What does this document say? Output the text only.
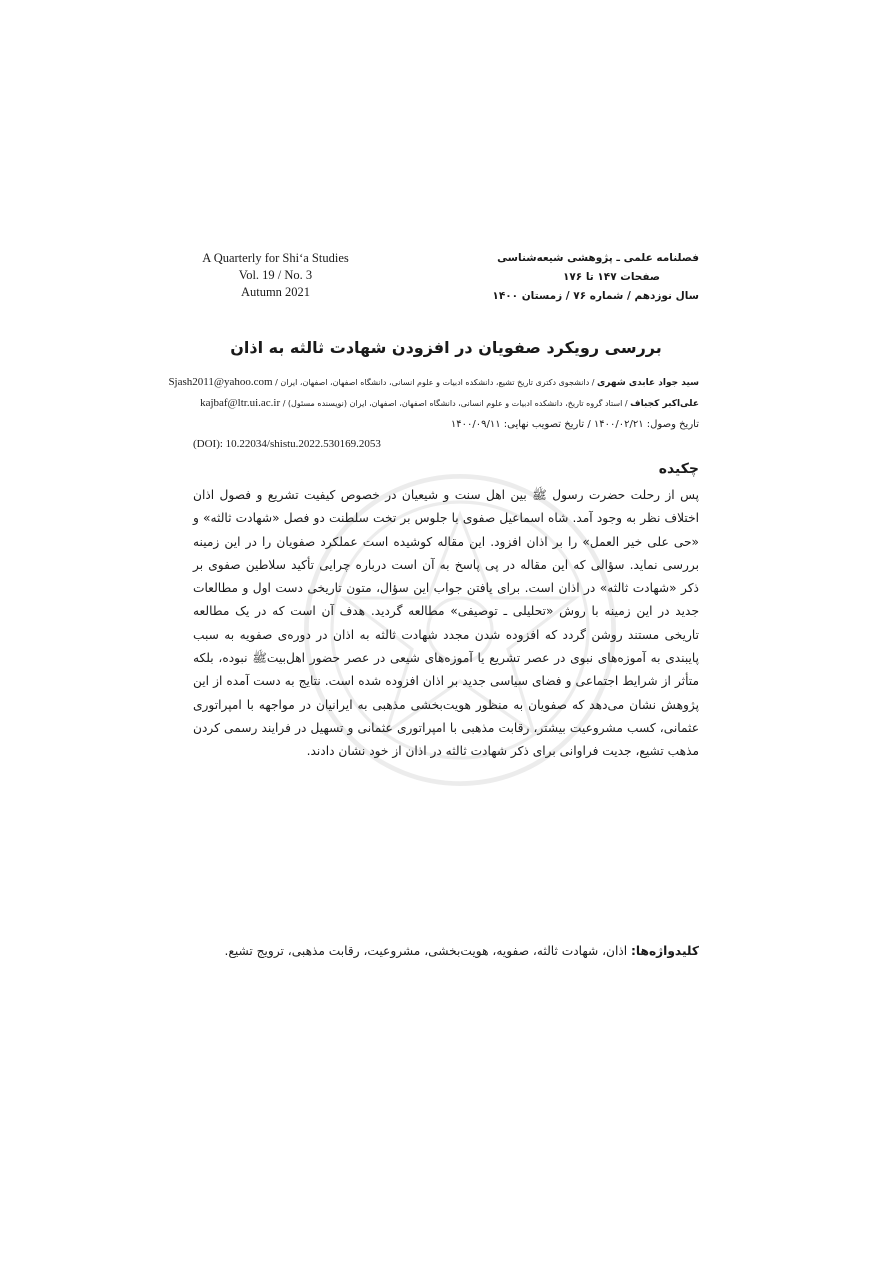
A Quarterly for Shi‘a Studies
Vol. 19 / No. 3
Autumn 2021
فصلنامه علمی ـ پژوهشی شیعه‌شناسی
صفحات ۱۴۷ تا ۱۷۶
سال نوزدهم / شماره ۷۶ / زمستان ۱۴۰۰
بررسی رویکرد صفویان در افزودن شهادت ثالثه به اذان
سید جواد عابدی شهری / دانشجوی دکتری تاریخ تشیع، دانشکده ادبیات و علوم انسانی، دانشگاه اصفهان، اصفهان، ایران / Sjash2011@yahoo.com
علی‌اکبر کجباف / استاد گروه تاریخ، دانشکده ادبیات و علوم انسانی، دانشگاه اصفهان، اصفهان، ایران (نویسنده مسئول) / kajbaf@ltr.ui.ac.ir
تاریخ وصول: ۱۴۰۰/۰۲/۲۱ / تاریخ تصویب نهایی: ۱۴۰۰/۰۹/۱۱
(DOI): 10.22034/shistu.2022.530169.2053
چکیده
پس از رحلت حضرت رسول ﷺ بین اهل سنت و شیعیان در خصوص کیفیت تشریع و فصول اذان اختلاف نظر به وجود آمد. شاه اسماعیل صفوی با جلوس بر تخت سلطنت دو فصل «شهادت ثالثه» و «حی علی خیر العمل» را بر اذان افزود. این مقاله کوشیده است عملکرد صفویان را در این زمینه بررسی نماید. سؤالی که این مقاله در پی پاسخ به آن است درباره چرایی تأکید سلاطین صفوی بر ذکر «شهادت ثالثه» در اذان است. برای یافتن جواب این سؤال، متون تاریخی دست اول و مطالعات جدید در این زمینه با روش «تحلیلی ـ توصیفی» مطالعه گردید. هدف آن است که در یک مطالعه تاریخی مستند روشن گردد که افزوده شدن مجدد شهادت ثالثه به اذان در دوره‌ی صفویه به سبب پایبندی به آموزه‌های نبوی در عصر تشریع یا آموزه‌های شیعی در عصر حضور اهل‌بیت‌ﷺ نبوده، بلکه متأثر از شرایط اجتماعی و فضای سیاسی جدید بر اذان افزوده شده است. نتایج به دست آمده از این پژوهش نشان می‌دهد که صفویان به منظور هویت‌بخشی مذهبی به ایرانیان در مواجهه با امپراتوری عثمانی، کسب مشروعیت بیشتر، رقابت مذهبی با امپراتوری عثمانی و تسهیل در فرایند رسمی کردن مذهب تشیع، جدیت فراوانی برای ذکر شهادت ثالثه در اذان از خود نشان دادند.
کلیدواژه‌ها: اذان، شهادت ثالثه، صفویه، هویت‌بخشی، مشروعیت، رقابت مذهبی، ترویج تشیع.
